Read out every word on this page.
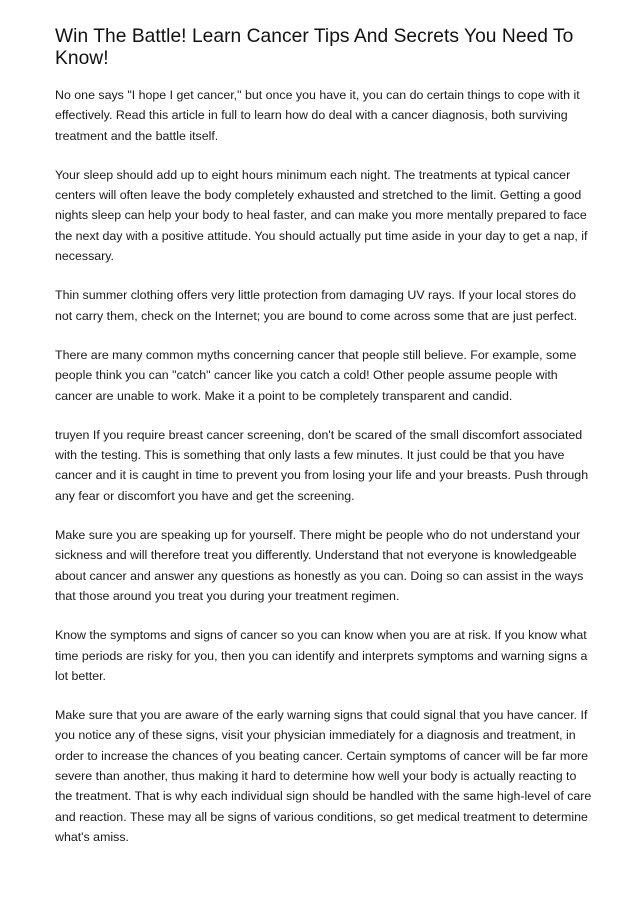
Win The Battle! Learn Cancer Tips And Secrets You Need To Know!

No one says "I hope I get cancer," but once you have it, you can do certain things to cope with it effectively. Read this article in full to learn how do deal with a cancer diagnosis, both surviving treatment and the battle itself.

Your sleep should add up to eight hours minimum each night. The treatments at typical cancer centers will often leave the body completely exhausted and stretched to the limit. Getting a good nights sleep can help your body to heal faster, and can make you more mentally prepared to face the next day with a positive attitude. You should actually put time aside in your day to get a nap, if necessary.

Thin summer clothing offers very little protection from damaging UV rays. If your local stores do not carry them, check on the Internet; you are bound to come across some that are just perfect.

There are many common myths concerning cancer that people still believe. For example, some people think you can "catch" cancer like you catch a cold! Other people assume people with cancer are unable to work. Make it a point to be completely transparent and candid.

truyen If you require breast cancer screening, don't be scared of the small discomfort associated with the testing. This is something that only lasts a few minutes. It just could be that you have cancer and it is caught in time to prevent you from losing your life and your breasts. Push through any fear or discomfort you have and get the screening.

Make sure you are speaking up for yourself. There might be people who do not understand your sickness and will therefore treat you differently. Understand that not everyone is knowledgeable about cancer and answer any questions as honestly as you can. Doing so can assist in the ways that those around you treat you during your treatment regimen.

Know the symptoms and signs of cancer so you can know when you are at risk. If you know what time periods are risky for you, then you can identify and interprets symptoms and warning signs a lot better.

Make sure that you are aware of the early warning signs that could signal that you have cancer. If you notice any of these signs, visit your physician immediately for a diagnosis and treatment, in order to increase the chances of you beating cancer. Certain symptoms of cancer will be far more severe than another, thus making it hard to determine how well your body is actually reacting to the treatment. That is why each individual sign should be handled with the same high-level of care and reaction. These may all be signs of various conditions, so get medical treatment to determine what's amiss.
